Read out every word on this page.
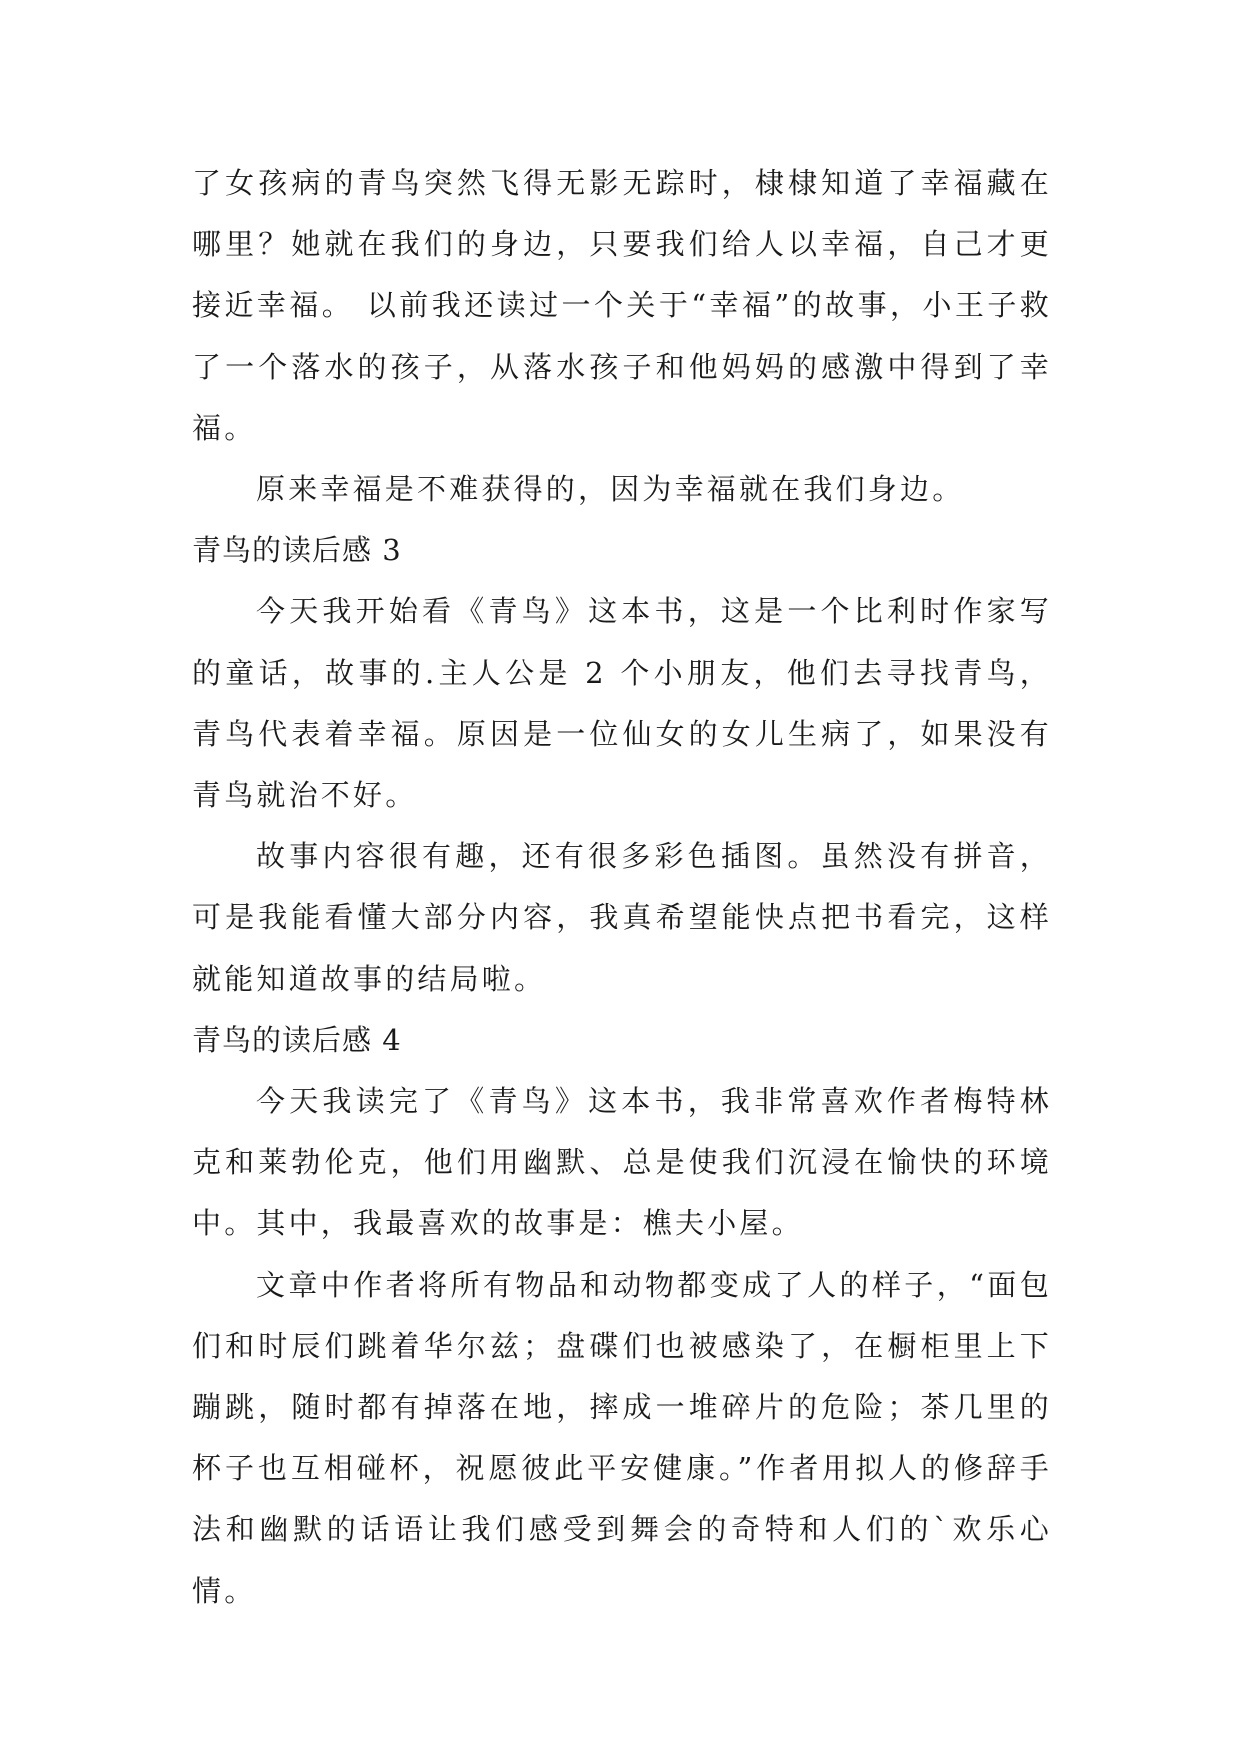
了女孩病的青鸟突然飞得无影无踪时，棣棣知道了幸福藏在哪里？她就在我们的身边，只要我们给人以幸福，自己才更接近幸福。 以前我还读过一个关于“幸福”的故事，小王子救了一个落水的孩子，从落水孩子和他妈妈的感激中得到了幸福。

原来幸福是不难获得的，因为幸福就在我们身边。

青鸟的读后感 3

今天我开始看《青鸟》这本书，这是一个比利时作家写的童话，故事的.主人公是 2 个小朋友，他们去寻找青鸟，青鸟代表着幸福。原因是一位仙女的女儿生病了，如果没有青鸟就治不好。

故事内容很有趣，还有很多彩色插图。虽然没有拼音，可是我能看懂大部分内容，我真希望能快点把书看完，这样就能知道故事的结局啦。

青鸟的读后感 4

今天我读完了《青鸟》这本书，我非常喜欢作者梅特林克和莱勃伦克，他们用幽默、总是使我们沉浸在愉快的环境中。其中，我最喜欢的故事是：樵夫小屋。

文章中作者将所有物品和动物都变成了人的样子，“面包们和时辰们跳着华尔兹；盘碟们也被感染了，在橱柜里上下蹦跳，随时都有掉落在地，摔成一堆碎片的危险；茶几里的杯子也互相碰杯，祝愿彼此平安健康。”作者用拟人的修辞手法和幽默的话语让我们感受到舞会的奇特和人们的`欢乐心情。
